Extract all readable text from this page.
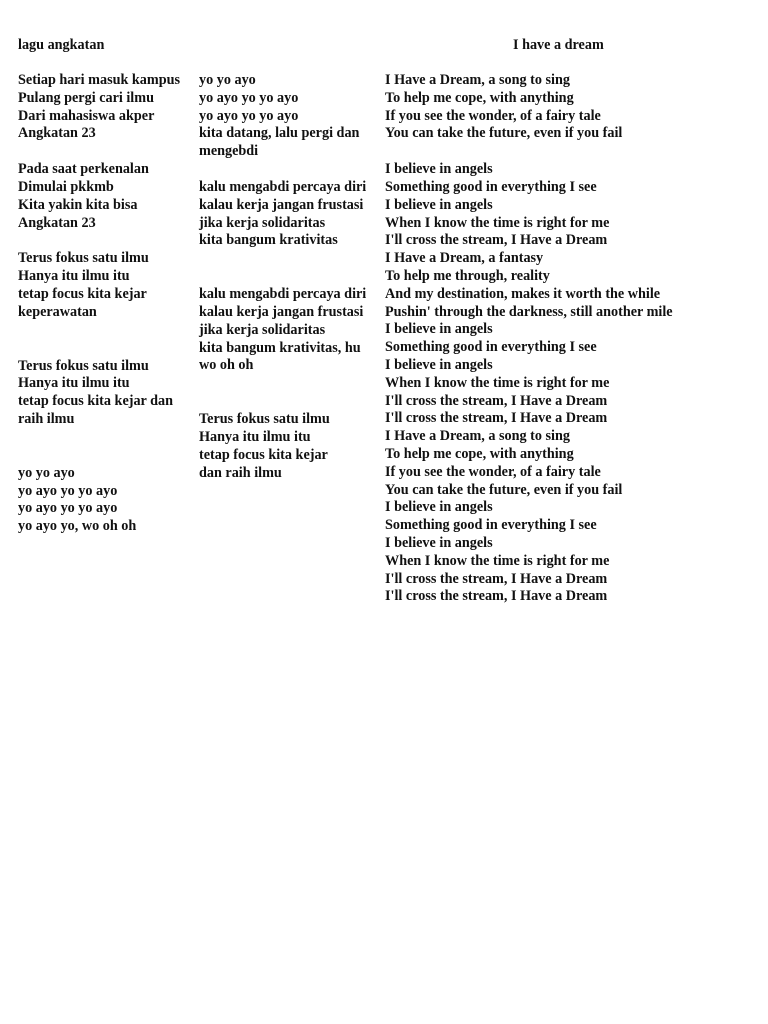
lagu angkatan	I have a dream
Setiap hari masuk kampus
Pulang pergi cari ilmu
Dari mahasiswa akper
Angkatan 23
Pada saat perkenalan
Dimulai pkkmb
Kita yakin kita bisa
Angkatan 23
Terus fokus satu ilmu
Hanya itu ilmu itu
tetap focus kita kejar keperawatan
Terus fokus satu ilmu
Hanya itu ilmu itu
tetap focus kita kejar dan raih ilmu
yo yo ayo
yo ayo yo yo ayo
yo ayo yo yo ayo
yo ayo yo, wo oh oh
yo yo ayo
yo ayo yo yo ayo
yo ayo yo yo ayo
kita datang, lalu pergi dan mengebdi
kalu mengabdi percaya diri
kalau kerja jangan frustasi
jika kerja solidaritas
kita bangum krativitas
kalu mengabdi percaya diri
kalau kerja jangan frustasi
jika kerja solidaritas
kita bangum krativitas, hu wo oh oh
Terus fokus satu ilmu
Hanya itu ilmu itu
tetap focus kita kejar
dan raih ilmu
I Have a Dream, a song to sing
To help me cope, with anything
If you see the wonder, of a fairy tale
You can take the future, even if you fail
I believe in angels
Something good in everything I see
I believe in angels
When I know the time is right for me
I'll cross the stream, I Have a Dream
I Have a Dream, a fantasy
To help me through, reality
And my destination, makes it worth the while
Pushin' through the darkness, still another mile
I believe in angels
Something good in everything I see
I believe in angels
When I know the time is right for me
I'll cross the stream, I Have a Dream
I'll cross the stream, I Have a Dream
I Have a Dream, a song to sing
To help me cope, with anything
If you see the wonder, of a fairy tale
You can take the future, even if you fail
I believe in angels
Something good in everything I see
I believe in angels
When I know the time is right for me
I'll cross the stream, I Have a Dream
I'll cross the stream, I Have a Dream
